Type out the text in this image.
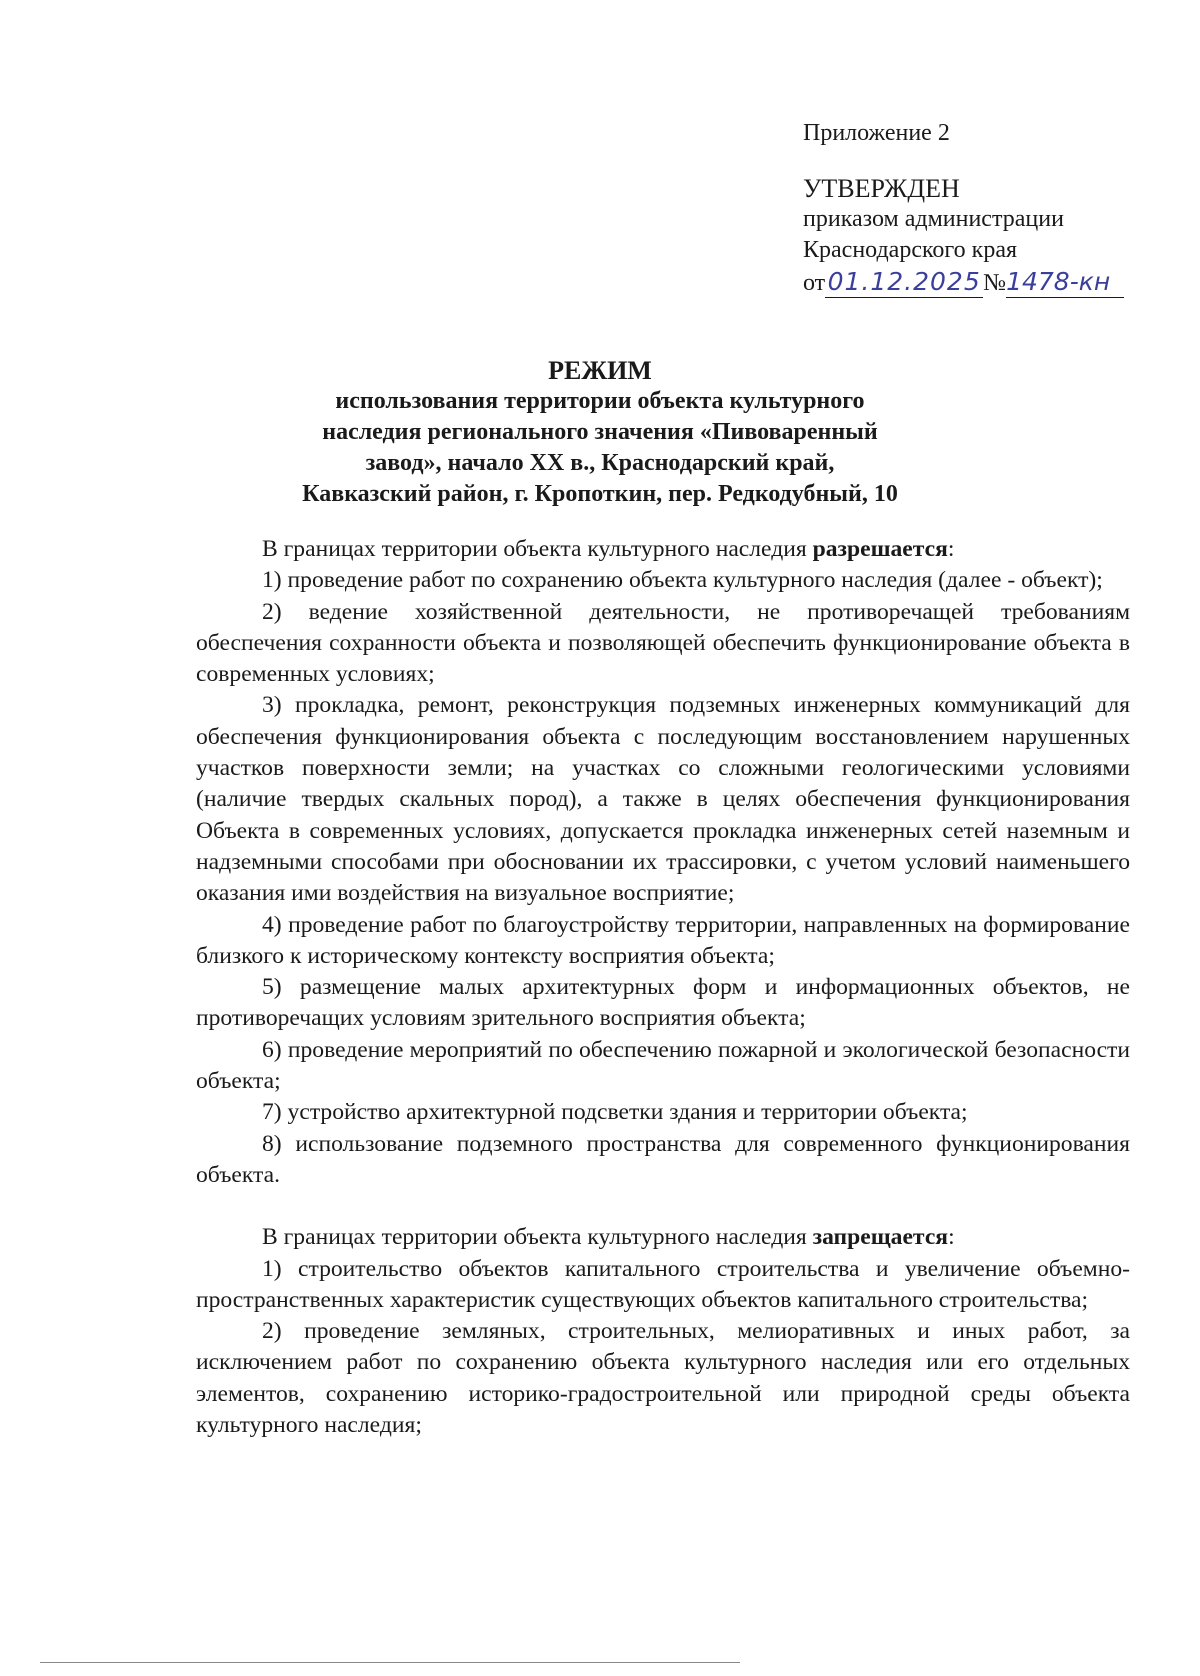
Приложение 2
УТВЕРЖДЕН
приказом администрации
Краснодарского края
от01.12.2025 №1478-кн
РЕЖИМ
использования территории объекта культурного
наследия регионального значения «Пивоваренный
завод», начало XX в., Краснодарский край,
Кавказский район, г. Кропоткин, пер. Редкодубный, 10

В границах территории объекта культурного наследия разрешается:

1) проведение работ по сохранению объекта культурного наследия (далее - объект);

2) ведение хозяйственной деятельности, не противоречащей требованиям обеспечения сохранности объекта и позволяющей обеспечить функционирование объекта в современных условиях;

3) прокладка, ремонт, реконструкция подземных инженерных коммуникаций для обеспечения функционирования объекта с последующим восстановлением нарушенных участков поверхности земли; на участках со сложными геологическими условиями (наличие твердых скальных пород), а также в целях обеспечения функционирования Объекта в современных условиях, допускается прокладка инженерных сетей наземным и надземными способами при обосновании их трассировки, с учетом условий наименьшего оказания ими воздействия на визуальное восприятие;

4) проведение работ по благоустройству территории, направленных на формирование близкого к историческому контексту восприятия объекта;

5) размещение малых архитектурных форм и информационных объектов, не противоречащих условиям зрительного восприятия объекта;

6) проведение мероприятий по обеспечению пожарной и экологической безопасности объекта;

7) устройство архитектурной подсветки здания и территории объекта;

8) использование подземного пространства для современного функционирования объекта.

В границах территории объекта культурного наследия запрещается:

1) строительство объектов капитального строительства и увеличение объемно-пространственных характеристик существующих объектов капитального строительства;

2) проведение земляных, строительных, мелиоративных и иных работ, за исключением работ по сохранению объекта культурного наследия или его отдельных элементов, сохранению историко-градостроительной или природной среды объекта культурного наследия;
